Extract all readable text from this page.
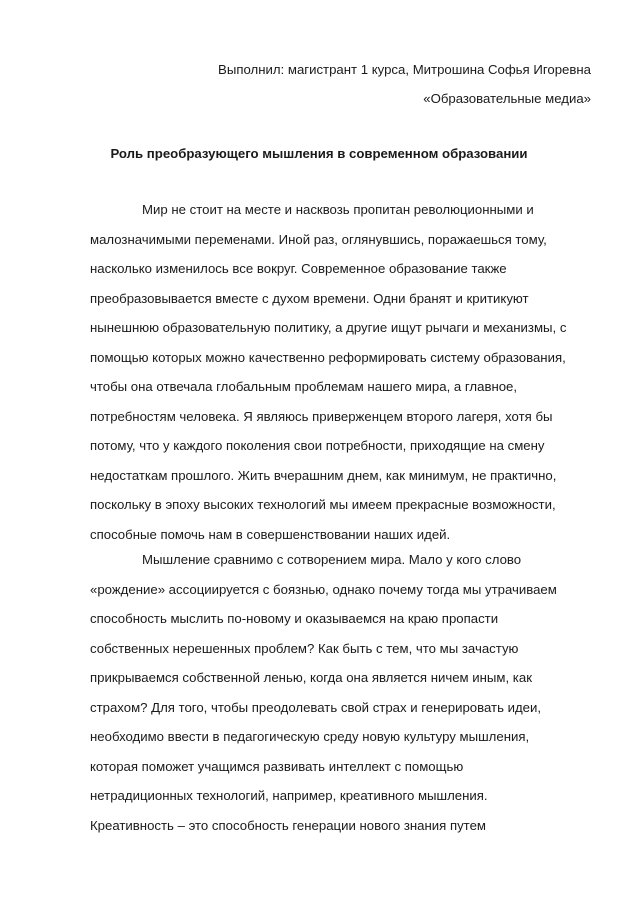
Выполнил: магистрант 1 курса, Митрошина Софья Игоревна
«Образовательные медиа»
Роль преобразующего мышления в современном образовании
Мир не стоит на месте и насквозь пропитан революционными и
малозначимыми переменами. Иной раз, оглянувшись, поражаешься тому,
насколько изменилось все вокруг. Современное образование также
преобразовывается вместе с духом времени. Одни бранят и критикуют
нынешнюю образовательную политику, а другие ищут рычаги и механизмы, с
помощью которых можно качественно реформировать систему образования,
чтобы она отвечала глобальным проблемам нашего мира, а главное,
потребностям человека. Я являюсь приверженцем второго лагеря, хотя бы
потому, что у каждого поколения свои потребности, приходящие на смену
недостаткам прошлого. Жить вчерашним днем, как минимум, не практично,
поскольку в эпоху высоких технологий мы имеем прекрасные возможности,
способные помочь нам в совершенствовании наших идей.
Мышление сравнимо с сотворением мира. Мало у кого слово
«рождение» ассоциируется с боязнью, однако почему тогда мы утрачиваем
способность мыслить по-новому и оказываемся на краю пропасти
собственных нерешенных проблем? Как быть с тем, что мы зачастую
прикрываемся собственной ленью, когда она является ничем иным, как
страхом? Для того, чтобы преодолевать свой страх и генерировать идеи,
необходимо ввести в педагогическую среду новую культуру мышления,
которая поможет учащимся развивать интеллект с помощью
нетрадиционных технологий, например, креативного мышления.
Креативность – это способность генерации нового знания путем
